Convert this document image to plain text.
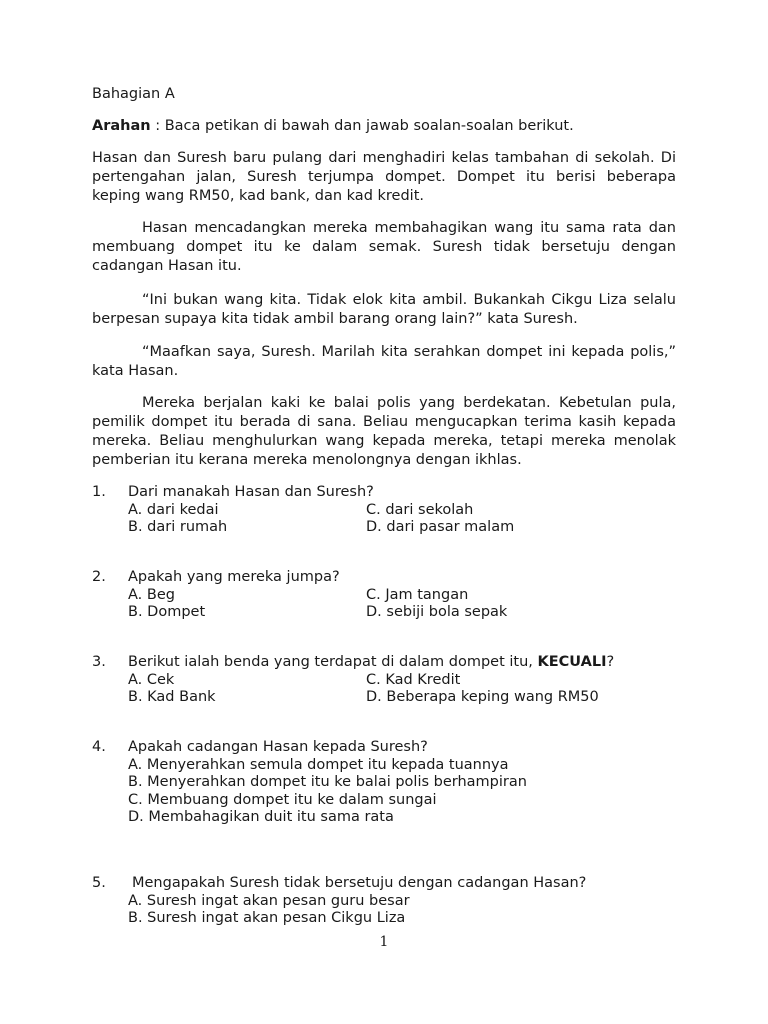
Bahagian A
Arahan : Baca petikan di bawah dan jawab soalan-soalan berikut.

Hasan dan Suresh baru pulang dari menghadiri kelas tambahan di sekolah. Di pertengahan jalan, Suresh terjumpa dompet. Dompet itu berisi beberapa keping wang RM50, kad bank, dan kad kredit.

Hasan mencadangkan mereka membahagikan wang itu sama rata dan membuang dompet itu ke dalam semak. Suresh tidak bersetuju dengan cadangan Hasan itu.

“Ini bukan wang kita. Tidak elok kita ambil. Bukankah Cikgu Liza selalu berpesan supaya kita tidak ambil barang orang lain?” kata Suresh.

“Maafkan saya, Suresh. Marilah kita serahkan dompet ini kepada polis,” kata Hasan.

Mereka berjalan kaki ke balai polis yang berdekatan. Kebetulan pula, pemilik dompet itu berada di sana. Beliau mengucapkan terima kasih kepada mereka. Beliau menghulurkan wang kepada mereka, tetapi mereka menolak pemberian itu kerana mereka menolongnya dengan ikhlas.

1. Dari manakah Hasan dan Suresh?
A. dari kedai	C. dari sekolah
B. dari rumah	D. dari pasar malam
2. Apakah yang mereka jumpa?
A. Beg	C. Jam tangan
B. Dompet	D. sebiji bola sepak
3. Berikut ialah benda yang terdapat di dalam dompet itu, KECUALI?
A. Cek	C. Kad Kredit
B. Kad Bank	D. Beberapa keping wang RM50
4. Apakah cadangan Hasan kepada Suresh?
A. Menyerahkan semula dompet itu kepada tuannya
B. Menyerahkan dompet itu ke balai polis berhampiran
C. Membuang dompet itu ke dalam sungai
D. Membahagikan duit itu sama rata
5. Mengapakah Suresh tidak bersetuju dengan cadangan Hasan?
A. Suresh ingat akan pesan guru besar
B. Suresh ingat akan pesan Cikgu Liza
1
